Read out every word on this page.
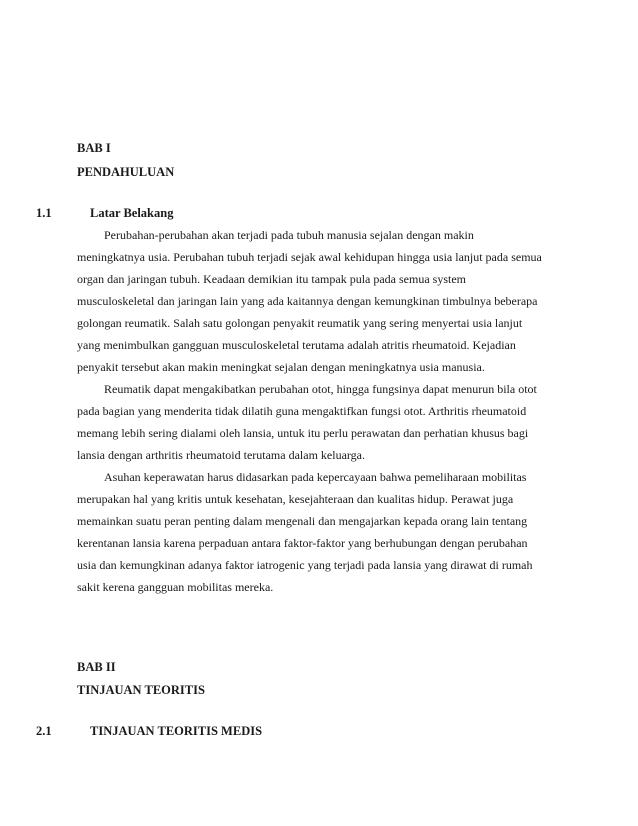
BAB I
PENDAHULUAN
1.1	Latar Belakang
Perubahan-perubahan akan terjadi pada tubuh manusia sejalan dengan makin
meningkatnya usia. Perubahan tubuh terjadi sejak awal kehidupan hingga usia lanjut pada semua
organ dan jaringan tubuh. Keadaan demikian itu tampak pula pada semua system
musculoskeletal dan jaringan lain yang ada kaitannya dengan kemungkinan timbulnya beberapa
golongan reumatik. Salah satu golongan penyakit reumatik yang sering menyertai usia lanjut
yang menimbulkan gangguan musculoskeletal terutama adalah atritis rheumatoid. Kejadian
penyakit tersebut akan makin meningkat sejalan dengan meningkatnya usia manusia.
Reumatik dapat mengakibatkan perubahan otot, hingga fungsinya dapat menurun bila otot
pada bagian yang menderita tidak dilatih guna mengaktifkan fungsi otot. Arthritis rheumatoid
memang lebih sering dialami oleh lansia, untuk itu perlu perawatan dan perhatian khusus bagi
lansia dengan arthritis rheumatoid terutama dalam keluarga.
Asuhan keperawatan harus didasarkan pada kepercayaan bahwa pemeliharaan mobilitas
merupakan hal yang kritis untuk kesehatan, kesejahteraan dan kualitas hidup. Perawat juga
memainkan suatu peran penting dalam mengenali dan mengajarkan kepada orang lain tentang
kerentanan lansia karena perpaduan antara faktor-faktor yang berhubungan dengan perubahan
usia dan kemungkinan adanya faktor iatrogenic yang terjadi pada lansia yang dirawat di rumah
sakit kerena gangguan mobilitas mereka.
BAB II
TINJAUAN TEORITIS
2.1	TINJAUAN TEORITIS MEDIS
